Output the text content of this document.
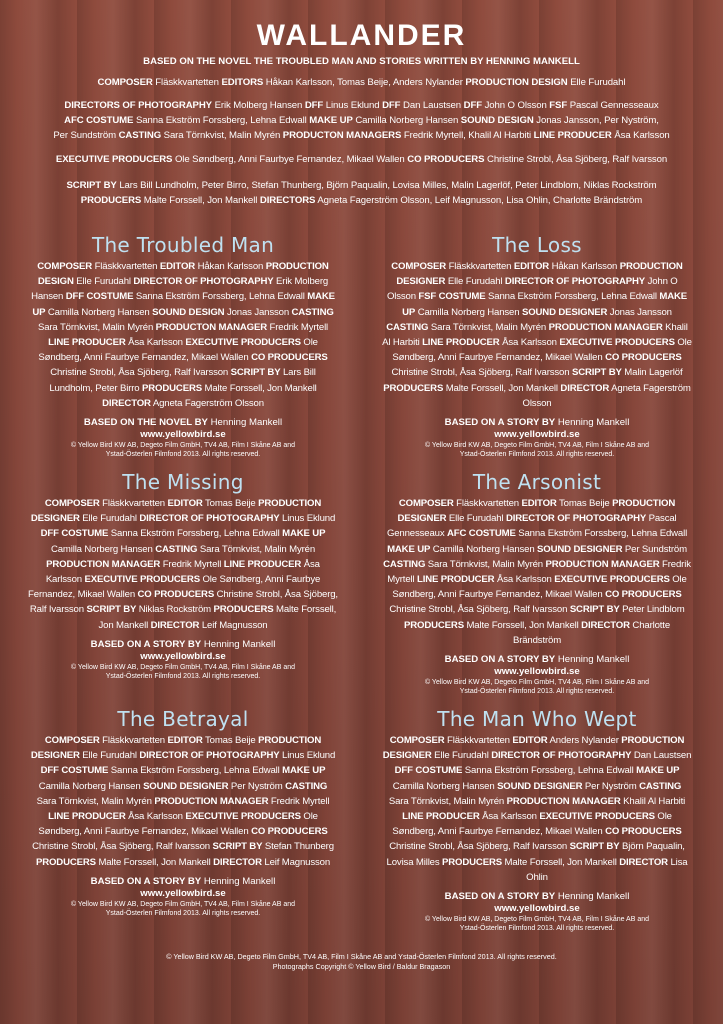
WALLANDER
BASED ON THE NOVEL THE TROUBLED MAN AND STORIES WRITTEN BY HENNING MANKELL
COMPOSER Fläskkvartetten EDITORS Håkan Karlsson, Tomas Beije, Anders Nylander PRODUCTION DESIGN Elle Furudahl
DIRECTORS OF PHOTOGRAPHY Erik Molberg Hansen DFF Linus Eklund DFF Dan Laustsen DFF John O Olsson FSF Pascal Gennesseaux
AFC COSTUME Sanna Ekström Forssberg, Lehna Edwall MAKE UP Camilla Norberg Hansen SOUND DESIGN Jonas Jansson, Per Nyström,
Per Sundström CASTING Sara Törnkvist, Malin Myrén PRODUCTON MANAGERS Fredrik Myrtell, Khalil Al Harbiti LINE PRODUCER Åsa Karlsson
EXECUTIVE PRODUCERS Ole Søndberg, Anni Faurbye Fernandez, Mikael Wallen CO PRODUCERS Christine Strobl, Åsa Sjöberg, Ralf Ivarsson
SCRIPT BY Lars Bill Lundholm, Peter Birro, Stefan Thunberg, Björn Paqualin, Lovisa Milles, Malin Lagerlöf, Peter Lindblom, Niklas Rockström
PRODUCERS Malte Forssell, Jon Mankell DIRECTORS Agneta Fagerström Olsson, Leif Magnusson, Lisa Ohlin, Charlotte Brändström
The Troubled Man
COMPOSER Fläskkvartetten EDITOR Håkan Karlsson PRODUCTION DESIGN Elle Furudahl DIRECTOR OF PHOTOGRAPHY Erik Molberg Hansen DFF COSTUME Sanna Ekström Forssberg, Lehna Edwall MAKE UP Camilla Norberg Hansen SOUND DESIGN Jonas Jansson CASTING Sara Törnkvist, Malin Myrén PRODUCTON MANAGER Fredrik Myrtell LINE PRODUCER Åsa Karlsson EXECUTIVE PRODUCERS Ole Søndberg, Anni Faurbye Fernandez, Mikael Wallen CO PRODUCERS Christine Strobl, Åsa Sjöberg, Ralf Ivarsson SCRIPT BY Lars Bill Lundholm, Peter Birro PRODUCERS Malte Forssell, Jon Mankell DIRECTOR Agneta Fagerström Olsson
BASED ON THE NOVEL BY Henning Mankell
www.yellowbird.se
© Yellow Bird KW AB, Degeto Film GmbH, TV4 AB, Film I Skåne AB and
Ystad-Österlen Filmfond 2013. All rights reserved.
The Loss
COMPOSER Fläskkvartetten EDITOR Håkan Karlsson PRODUCTION DESIGNER Elle Furudahl DIRECTOR OF PHOTOGRAPHY John O Olsson FSF COSTUME Sanna Ekström Forssberg, Lehna Edwall MAKE UP Camilla Norberg Hansen SOUND DESIGNER Jonas Jansson CASTING Sara Törnkvist, Malin Myrén PRODUCTION MANAGER Khalil Al Harbiti LINE PRODUCER Åsa Karlsson EXECUTIVE PRODUCERS Ole Søndberg, Anni Faurbye Fernandez, Mikael Wallen CO PRODUCERS Christine Strobl, Åsa Sjöberg, Ralf Ivarsson SCRIPT BY Malin Lagerlöf PRODUCERS Malte Forssell, Jon Mankell DIRECTOR Agneta Fagerström Olsson
BASED ON A STORY BY Henning Mankell
www.yellowbird.se
© Yellow Bird KW AB, Degeto Film GmbH, TV4 AB, Film I Skåne AB and
Ystad-Österlen Filmfond 2013. All rights reserved.
The Missing
COMPOSER Fläskkvartetten EDITOR Tomas Beije PRODUCTION DESIGNER Elle Furudahl DIRECTOR OF PHOTOGRAPHY Linus Eklund DFF COSTUME Sanna Ekström Forssberg, Lehna Edwall MAKE UP Camilla Norberg Hansen CASTING Sara Törnkvist, Malin Myrén PRODUCTION MANAGER Fredrik Myrtell LINE PRODUCER Åsa Karlsson EXECUTIVE PRODUCERS Ole Søndberg, Anni Faurbye Fernandez, Mikael Wallen CO PRODUCERS Christine Strobl, Åsa Sjöberg, Ralf Ivarsson SCRIPT BY Niklas Rockström PRODUCERS Malte Forssell, Jon Mankell DIRECTOR Leif Magnusson
BASED ON A STORY BY Henning Mankell
www.yellowbird.se
© Yellow Bird KW AB, Degeto Film GmbH, TV4 AB, Film I Skåne AB and
Ystad-Österlen Filmfond 2013. All rights reserved.
The Arsonist
COMPOSER Fläskkvartetten EDITOR Tomas Beije PRODUCTION DESIGNER Elle Furudahl DIRECTOR OF PHOTOGRAPHY Pascal Gennesseaux AFC COSTUME Sanna Ekström Forssberg, Lehna Edwall MAKE UP Camilla Norberg Hansen SOUND DESIGNER Per Sundström CASTING Sara Törnkvist, Malin Myrén PRODUCTION MANAGER Fredrik Myrtell LINE PRODUCER Åsa Karlsson EXECUTIVE PRODUCERS Ole Søndberg, Anni Faurbye Fernandez, Mikael Wallen CO PRODUCERS Christine Strobl, Åsa Sjöberg, Ralf Ivarsson SCRIPT BY Peter Lindblom PRODUCERS Malte Forssell, Jon Mankell DIRECTOR Charlotte Brändström
BASED ON A STORY BY Henning Mankell
www.yellowbird.se
© Yellow Bird KW AB, Degeto Film GmbH, TV4 AB, Film I Skåne AB and
Ystad-Österlen Filmfond 2013. All rights reserved.
The Betrayal
COMPOSER Fläskkvartetten EDITOR Tomas Beije PRODUCTION DESIGNER Elle Furudahl DIRECTOR OF PHOTOGRAPHY Linus Eklund DFF COSTUME Sanna Ekström Forssberg, Lehna Edwall MAKE UP Camilla Norberg Hansen SOUND DESIGNER Per Nyström CASTING Sara Törnkvist, Malin Myrén PRODUCTION MANAGER Fredrik Myrtell LINE PRODUCER Åsa Karlsson EXECUTIVE PRODUCERS Ole Søndberg, Anni Faurbye Fernandez, Mikael Wallen CO PRODUCERS Christine Strobl, Åsa Sjöberg, Ralf Ivarsson SCRIPT BY Stefan Thunberg PRODUCERS Malte Forssell, Jon Mankell DIRECTOR Leif Magnusson
BASED ON A STORY BY Henning Mankell
www.yellowbird.se
© Yellow Bird KW AB, Degeto Film GmbH, TV4 AB, Film I Skåne AB and
Ystad-Österlen Filmfond 2013. All rights reserved.
The Man Who Wept
COMPOSER Fläskkvartetten EDITOR Anders Nylander PRODUCTION DESIGNER Elle Furudahl DIRECTOR OF PHOTOGRAPHY Dan Laustsen DFF COSTUME Sanna Ekström Forssberg, Lehna Edwall MAKE UP Camilla Norberg Hansen SOUND DESIGNER Per Nyström CASTING Sara Törnkvist, Malin Myrén PRODUCTION MANAGER Khalil Al Harbiti LINE PRODUCER Åsa Karlsson EXECUTIVE PRODUCERS Ole Søndberg, Anni Faurbye Fernandez, Mikael Wallen CO PRODUCERS Christine Strobl, Åsa Sjöberg, Ralf Ivarsson SCRIPT BY Björn Paqualin, Lovisa Milles PRODUCERS Malte Forssell, Jon Mankell DIRECTOR Lisa Ohlin
BASED ON A STORY BY Henning Mankell
www.yellowbird.se
© Yellow Bird KW AB, Degeto Film GmbH, TV4 AB, Film I Skåne AB and
Ystad-Österlen Filmfond 2013. All rights reserved.
© Yellow Bird KW AB, Degeto Film GmbH, TV4 AB, Film I Skåne AB and Ystad-Österlen Filmfond 2013. All rights reserved.
Photographs Copyright © Yellow Bird / Baldur Bragason
